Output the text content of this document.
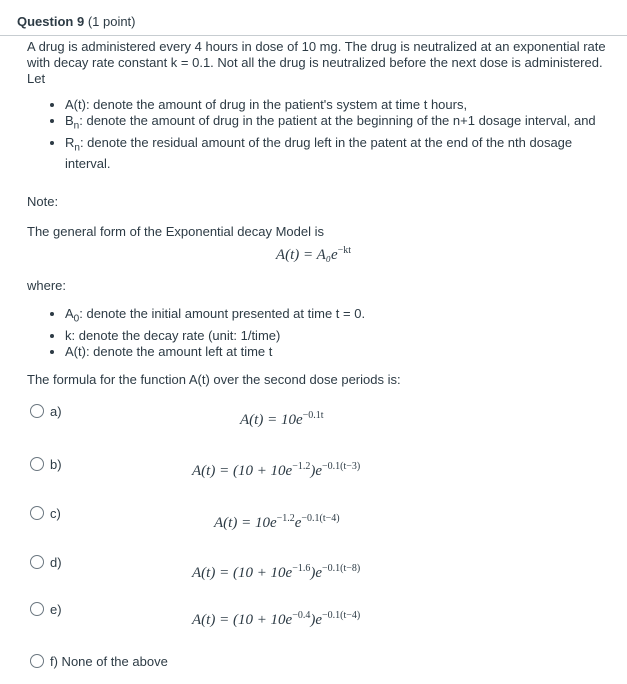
Question 9 (1 point)

A drug is administered every 4 hours in dose of 10 mg. The drug is neutralized at an exponential rate with decay rate constant k = 0.1. Not all the drug is neutralized before the next dose is administered. Let

• A(t): denote the amount of drug in the patient's system at time t hours,
• $B_n$: denote the amount of drug in the patient at the beginning of the n+1 dosage interval, and
• $R_n$: denote the residual amount of the drug left in the patent at the end of the nth dosage interval.

Note:

The general form of the Exponential decay Model is

$A(t) = A_0e^{-kt}$

where:

• $A_0$: denote the initial amount presented at time t = 0.
• k: denote the decay rate (unit: 1/time)
• A(t): denote the amount left at time t

The formula for the function A(t) over the second dose periods is:

a)
$A(t) = 10e^{-0.1t}$
b)	$A(t) = (10 + 10e^{-1.2})e^{-0.1(t-3)}$
c)
$A(t) = 10e^{-1.2}e^{-0.1(t-4)}$
d)
$A(t) = (10 + 10e^{-1.6})e^{-0.1(t-8)}$
e)
$A(t) = (10 + 10e^{-0.4})e^{-0.1(t-4)}$
f) None of the above
